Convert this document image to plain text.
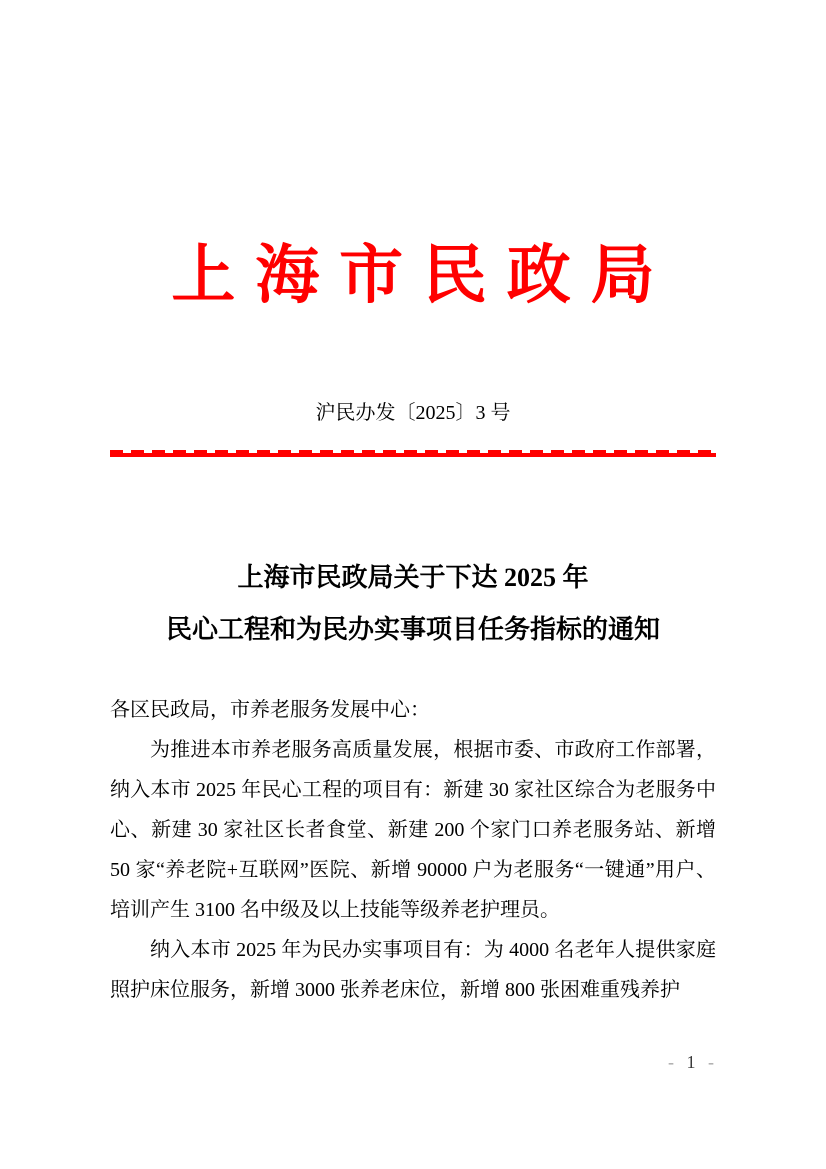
上海市民政局
沪民办发〔2025〕3 号
上海市民政局关于下达 2025 年
民心工程和为民办实事项目任务指标的通知

各区民政局，市养老服务发展中心：

为推进本市养老服务高质量发展，根据市委、市政府工作部署，纳入本市 2025 年民心工程的项目有：新建 30 家社区综合为老服务中心、新建 30 家社区长者食堂、新建 200 个家门口养老服务站、新增 50 家“养老院+互联网”医院、新增 90000 户为老服务“一键通”用户、培训产生 3100 名中级及以上技能等级养老护理员。

纳入本市 2025 年为民办实事项目有：为 4000 名老年人提供家庭照护床位服务，新增 3000 张养老床位，新增 800 张困难重残养护

- 1 -
